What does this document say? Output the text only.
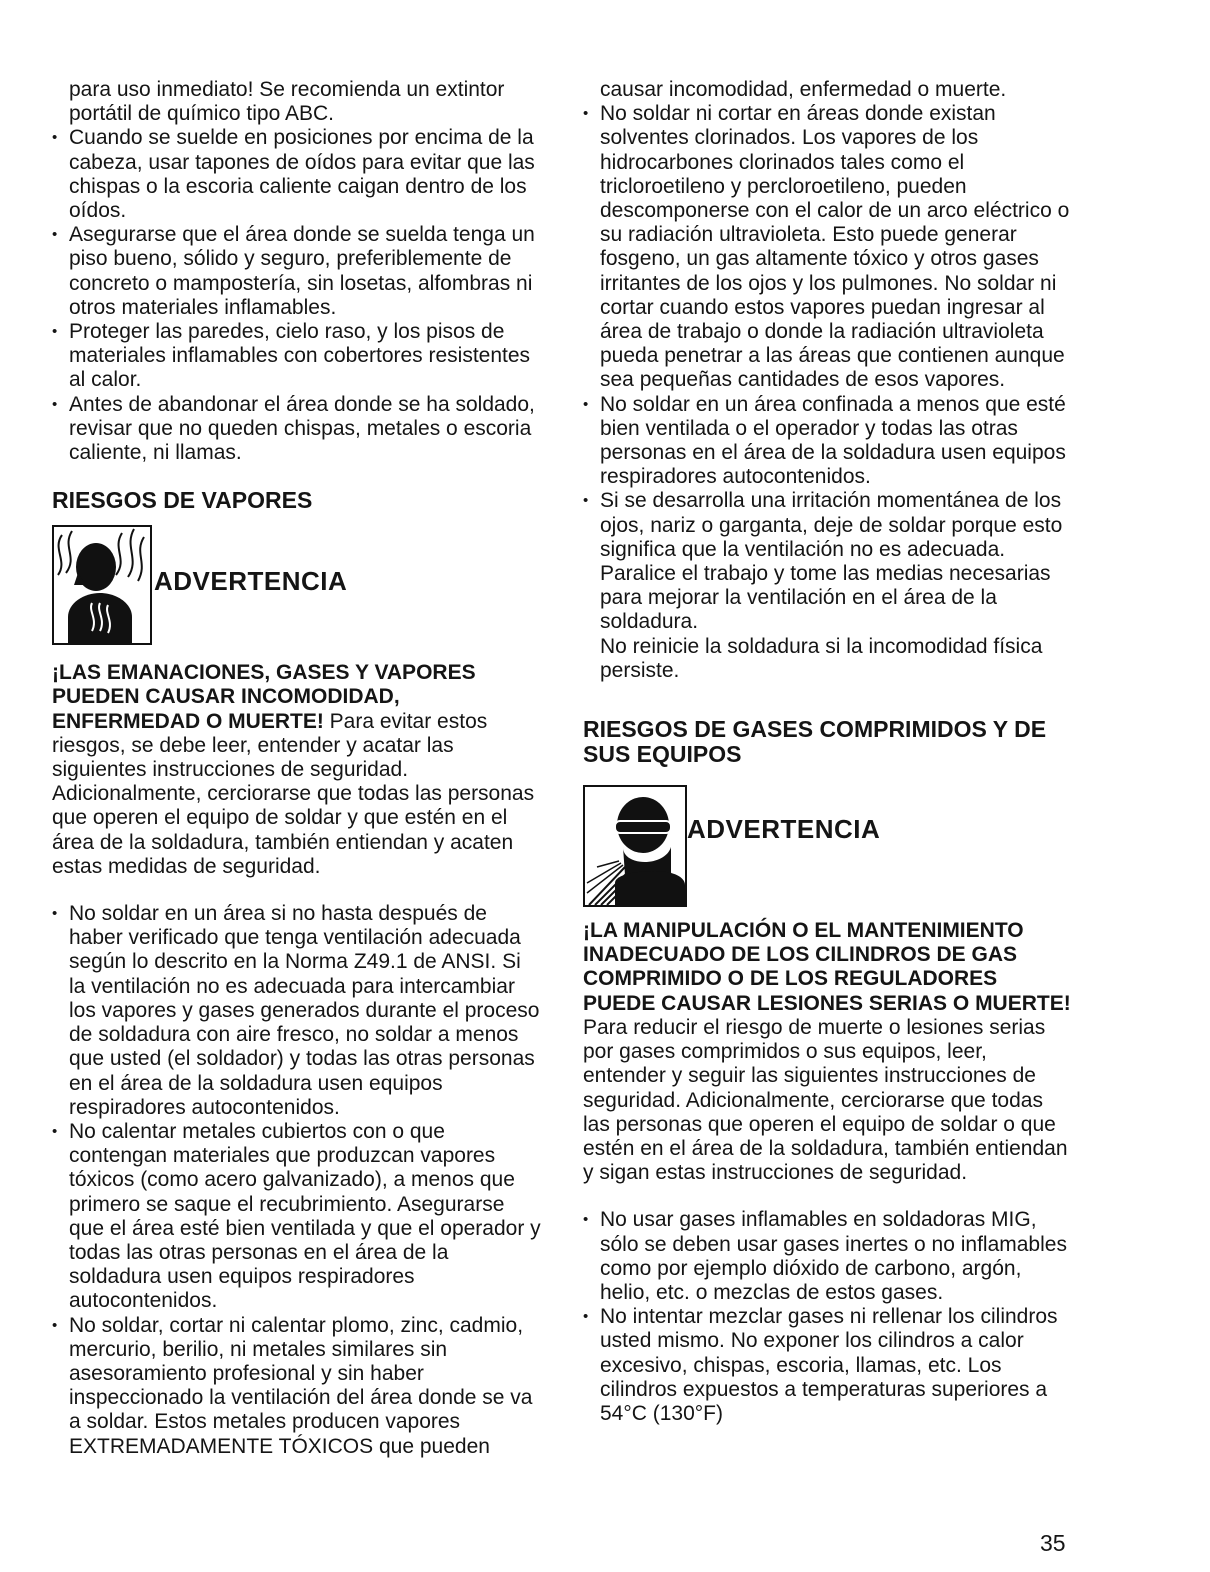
para uso inmediato! Se recomienda un extintor

portátil de químico tipo ABC.

• Cuando se suelde en posiciones por encima de la cabeza, usar tapones de oídos para evitar que las chispas o la escoria caliente caigan dentro de los oídos.
• Asegurarse que el área donde se suelda tenga un piso bueno, sólido y seguro, preferiblemente de concreto o mampostería, sin losetas, alfombras ni otros materiales inflamables.
• Proteger las paredes, cielo raso, y los pisos de materiales inflamables con cobertores resistentes al calor.
• Antes de abandonar el área donde se ha soldado, revisar que no queden chispas, metales o escoria caliente, ni llamas.
RIESGOS DE VAPORES
ADVERTENCIA

¡LAS EMANACIONES, GASES Y VAPORES PUEDEN CAUSAR INCOMODIDAD, ENFERMEDAD O MUERTE! Para evitar estos riesgos, se debe leer, entender y acatar las siguientes instrucciones de seguridad. Adicionalmente, cerciorarse que todas las personas que operen el equipo de soldar y que estén en el área de la soldadura, también entiendan y acaten estas medidas de seguridad.

• No soldar en un área si no hasta después de haber verificado que tenga ventilación adecuada según lo descrito en la Norma Z49.1 de ANSI. Si la ventilación no es adecuada para intercambiar los vapores y gases generados durante el proceso de soldadura con aire fresco, no soldar a menos que usted (el soldador) y todas las otras personas en el área de la soldadura usen equipos respiradores autocontenidos.
• No calentar metales cubiertos con o que contengan materiales que produzcan vapores tóxicos (como acero galvanizado), a menos que primero se saque el recubrimiento. Asegurarse que el área esté bien ventilada y que el operador y todas las otras personas en el área de la soldadura usen equipos respiradores autocontenidos.
• No soldar, cortar ni calentar plomo, zinc, cadmio, mercurio, berilio, ni metales similares sin asesoramiento profesional y sin haber inspeccionado la ventilación del área donde se va a soldar. Estos metales producen vapores EXTREMADAMENTE TÓXICOS que pueden

causar incomodidad, enfermedad o muerte.

• No soldar ni cortar en áreas donde existan solventes clorinados. Los vapores de los hidrocarbones clorinados tales como el tricloroetileno y percloroetileno, pueden descomponerse con el calor de un arco eléctrico o su radiación ultravioleta. Esto puede generar fosgeno, un gas altamente tóxico y otros gases irritantes de los ojos y los pulmones. No soldar ni cortar cuando estos vapores puedan ingresar al área de trabajo o donde la radiación ultravioleta pueda penetrar a las áreas que contienen aunque sea pequeñas cantidades de esos vapores.
• No soldar en un área confinada a menos que esté bien ventilada o el operador y todas las otras personas en el área de la soldadura usen equipos respiradores autocontenidos.
• Si se desarrolla una irritación momentánea de los ojos, nariz o garganta, deje de soldar porque esto significa que la ventilación no es adecuada. Paralice el trabajo y tome las medias necesarias para mejorar la ventilación en el área de la soldadura.

No reinicie la soldadura si la incomodidad física persiste.

RIESGOS DE GASES COMPRIMIDOS Y DE SUS EQUIPOS
ADVERTENCIA

¡LA MANIPULACIÓN O EL MANTENIMIENTO INADECUADO DE LOS CILINDROS DE GAS COMPRIMIDO O DE LOS REGULADORES PUEDE CAUSAR LESIONES SERIAS O MUERTE!

Para reducir el riesgo de muerte o lesiones serias por gases comprimidos o sus equipos, leer, entender y seguir las siguientes instrucciones de seguridad. Adicionalmente, cerciorarse que todas las personas que operen el equipo de soldar o que estén en el área de la soldadura, también entiendan y sigan estas instrucciones de seguridad.

• No usar gases inflamables en soldadoras MIG, sólo se deben usar gases inertes o no inflamables como por ejemplo dióxido de carbono, argón, helio, etc. o mezclas de estos gases.
• No intentar mezclar gases ni rellenar los cilindros usted mismo. No exponer los cilindros a calor excesivo, chispas, escoria, llamas, etc. Los cilindros expuestos a temperaturas superiores a 54°C (130°F)
35
